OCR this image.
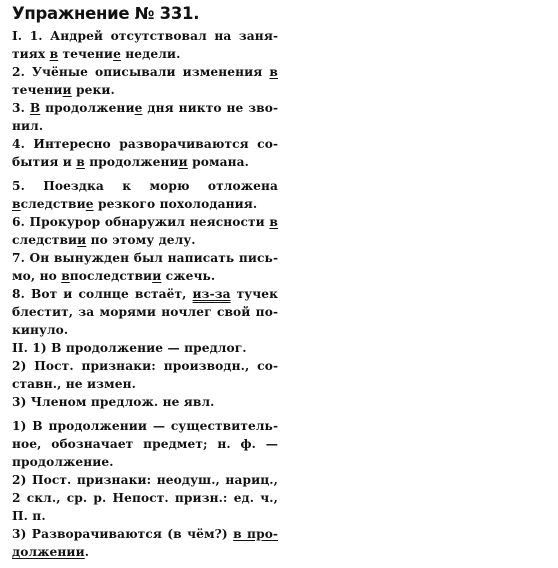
Упражнение № 331.
I. 1. Андрей отсутствовал на занятиях в течение недели.
2. Учёные описывали изменения в течении реки.
3. В продолжение дня никто не звонил.
4. Интересно разворачиваются события и в продолжении романа.
5. Поездка к морю отложена вследствие резкого похолодания.
6. Прокурор обнаружил неясности в следствии по этому делу.
7. Он вынужден был написать письмо, но впоследствии сжечь.
8. Вот и солнце встаёт, из-за тучек блестит, за морями ночлег свой покинуло.
II. 1) В продолжение — предлог.
2) Пост. признаки: производн., составн., не измен.
3) Членом предлож. не явл.
1) В продолжении — существительное, обозначает предмет; н. ф. — продолжение.
2) Пост. признаки: неодуш., нариц., 2 скл., ср. р. Непост. призн.: ед. ч., П. п.
3) Разворачиваются (в чём?) в продолжении.
